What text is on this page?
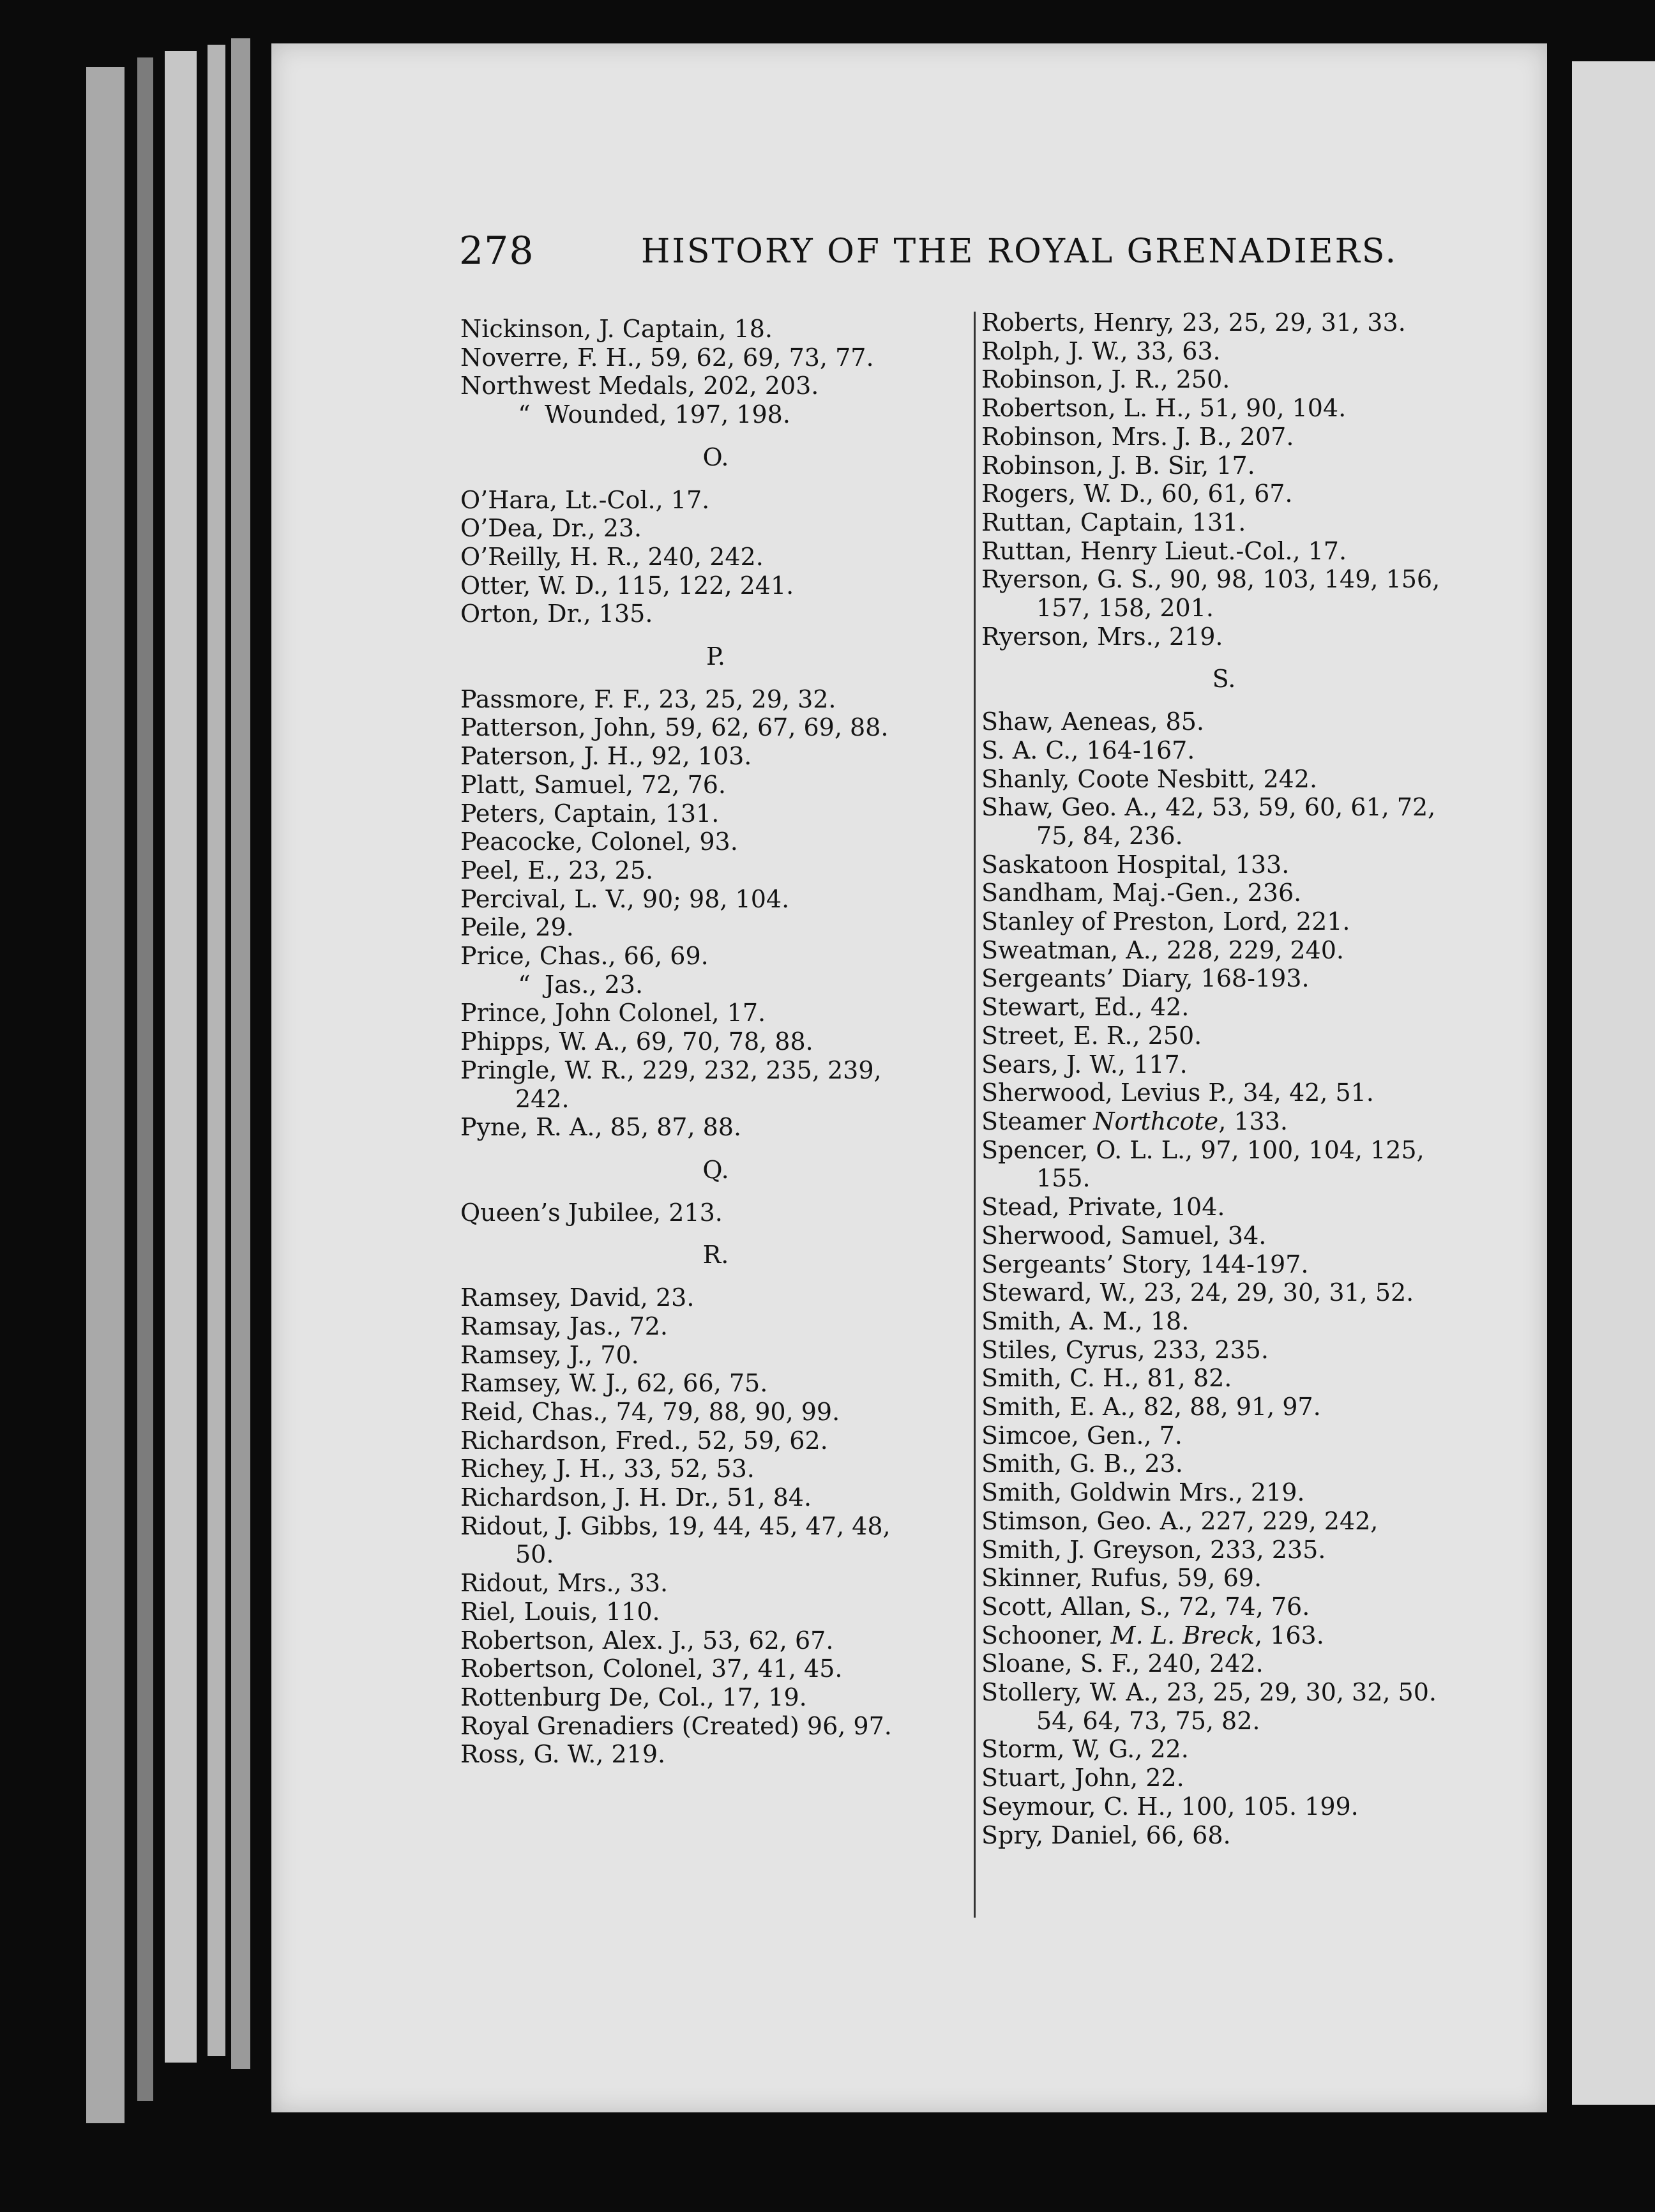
278	HISTORY OF THE ROYAL GRENADIERS.
Nickinson, J. Captain, 18.
Noverre, F. H., 59, 62, 69, 73, 77.
Northwest Medals, 202, 203.
“ Wounded, 197, 198.
O.
O’Hara, Lt.-Col., 17.
O’Dea, Dr., 23.
O’Reilly, H. R., 240, 242.
Otter, W. D., 115, 122, 241.
Orton, Dr., 135.
P.
Passmore, F. F., 23, 25, 29, 32.
Patterson, John, 59, 62, 67, 69, 88.
Paterson, J. H., 92, 103.
Platt, Samuel, 72, 76.
Peters, Captain, 131.
Peacocke, Colonel, 93.
Peel, E., 23, 25.
Percival, L. V., 90; 98, 104.
Peile, 29.
Price, Chas., 66, 69.
“ Jas., 23.
Prince, John Colonel, 17.
Phipps, W. A., 69, 70, 78, 88.
Pringle, W. R., 229, 232, 235, 239,
242.
Pyne, R. A., 85, 87, 88.
Q.
Queen’s Jubilee, 213.
R.
Ramsey, David, 23.
Ramsay, Jas., 72.
Ramsey, J., 70.
Ramsey, W. J., 62, 66, 75.
Reid, Chas., 74, 79, 88, 90, 99.
Richardson, Fred., 52, 59, 62.
Richey, J. H., 33, 52, 53.
Richardson, J. H. Dr., 51, 84.
Ridout, J. Gibbs, 19, 44, 45, 47, 48,
50.
Ridout, Mrs., 33.
Riel, Louis, 110.
Robertson, Alex. J., 53, 62, 67.
Robertson, Colonel, 37, 41, 45.
Rottenburg De, Col., 17, 19.
Royal Grenadiers (Created) 96, 97.
Ross, G. W., 219.
Roberts, Henry, 23, 25, 29, 31, 33.
Rolph, J. W., 33, 63.
Robinson, J. R., 250.
Robertson, L. H., 51, 90, 104.
Robinson, Mrs. J. B., 207.
Robinson, J. B. Sir, 17.
Rogers, W. D., 60, 61, 67.
Ruttan, Captain, 131.
Ruttan, Henry Lieut.-Col., 17.
Ryerson, G. S., 90, 98, 103, 149, 156,
157, 158, 201.
Ryerson, Mrs., 219.
S.
Shaw, Aeneas, 85.
S. A. C., 164-167.
Shanly, Coote Nesbitt, 242.
Shaw, Geo. A., 42, 53, 59, 60, 61, 72,
75, 84, 236.
Saskatoon Hospital, 133.
Sandham, Maj.-Gen., 236.
Stanley of Preston, Lord, 221.
Sweatman, A., 228, 229, 240.
Sergeants’ Diary, 168-193.
Stewart, Ed., 42.
Street, E. R., 250.
Sears, J. W., 117.
Sherwood, Levius P., 34, 42, 51.
Steamer Northcote, 133.
Spencer, O. L. L., 97, 100, 104, 125,
155.
Stead, Private, 104.
Sherwood, Samuel, 34.
Sergeants’ Story, 144-197.
Steward, W., 23, 24, 29, 30, 31, 52.
Smith, A. M., 18.
Stiles, Cyrus, 233, 235.
Smith, C. H., 81, 82.
Smith, E. A., 82, 88, 91, 97.
Simcoe, Gen., 7.
Smith, G. B., 23.
Smith, Goldwin Mrs., 219.
Stimson, Geo. A., 227, 229, 242,
Smith, J. Greyson, 233, 235.
Skinner, Rufus, 59, 69.
Scott, Allan, S., 72, 74, 76.
Schooner, M. L. Breck, 163.
Sloane, S. F., 240, 242.
Stollery, W. A., 23, 25, 29, 30, 32, 50.
54, 64, 73, 75, 82.
Storm, W, G., 22.
Stuart, John, 22.
Seymour, C. H., 100, 105. 199.
Spry, Daniel, 66, 68.
